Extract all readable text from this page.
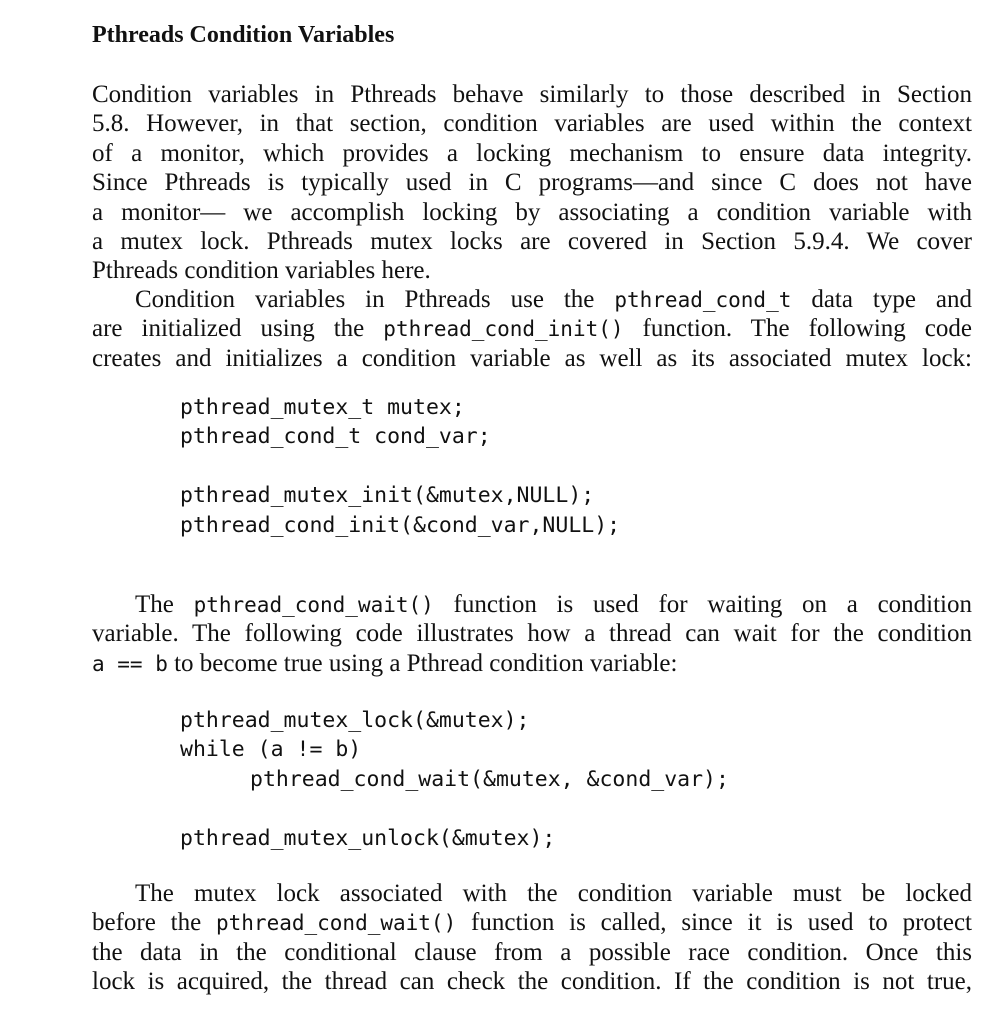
Pthreads Condition Variables

Condition variables in Pthreads behave similarly to those described in Section
5.8. However, in that section, condition variables are used within the context
of a monitor, which provides a locking mechanism to ensure data integrity.
Since Pthreads is typically used in C programs—and since C does not have
a monitor— we accomplish locking by associating a condition variable with
a mutex lock. Pthreads mutex locks are covered in Section 5.9.4. We cover
Pthreads condition variables here.

Condition variables in Pthreads use the pthread_cond_t data type and
are initialized using the pthread_cond_init() function. The following code
creates and initializes a condition variable as well as its associated mutex lock:

pthread_mutex_t mutex;
pthread_cond_t cond_var;
pthread_mutex_init(&mutex,NULL);
pthread_cond_init(&cond_var,NULL);

The pthread_cond_wait() function is used for waiting on a condition
variable. The following code illustrates how a thread can wait for the condition
a == b to become true using a Pthread condition variable:

pthread_mutex_lock(&mutex);
while (a != b)
pthread_cond_wait(&mutex, &cond_var);
pthread_mutex_unlock(&mutex);

The mutex lock associated with the condition variable must be locked
before the pthread_cond_wait() function is called, since it is used to protect
the data in the conditional clause from a possible race condition. Once this
lock is acquired, the thread can check the condition. If the condition is not true,
